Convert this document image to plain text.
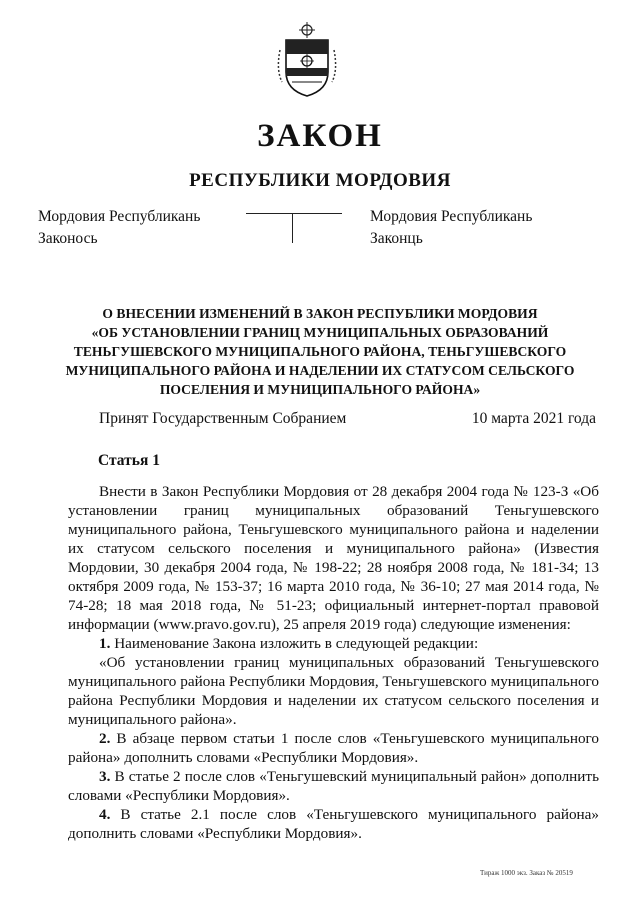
ЗАКОН
РЕСПУБЛИКИ МОРДОВИЯ
Мордовия Республикань
Законось
Мордовия Республикань
Законць
О ВНЕСЕНИИ ИЗМЕНЕНИЙ В ЗАКОН РЕСПУБЛИКИ МОРДОВИЯ
«ОБ УСТАНОВЛЕНИИ ГРАНИЦ МУНИЦИПАЛЬНЫХ ОБРАЗОВАНИЙ
ТЕНЬГУШЕВСКОГО МУНИЦИПАЛЬНОГО РАЙОНА, ТЕНЬГУШЕВСКОГО
МУНИЦИПАЛЬНОГО РАЙОНА И НАДЕЛЕНИИ ИХ СТАТУСОМ СЕЛЬСКОГО
ПОСЕЛЕНИЯ И МУНИЦИПАЛЬНОГО РАЙОНА»
Принят Государственным Собранием	10 марта 2021 года
Статья 1

Внести в Закон Республики Мордовия от 28 декабря 2004 года № 123-З «Об установлении границ муниципальных образований Теньгушевского муниципального района, Теньгушевского муниципального района и наделении их статусом сельского поселения и муниципального района» (Известия Мордовии, 30 декабря 2004 года, № 198-22; 28 ноября 2008 года, № 181-34; 13 октября 2009 года, № 153-37; 16 марта 2010 года, № 36-10; 27 мая 2014 года, № 74-28; 18 мая 2018 года, № 51-23; официальный интернет-портал правовой информации (www.pravo.gov.ru), 25 апреля 2019 года) следующие изменения:

1. Наименование Закона изложить в следующей редакции:

«Об установлении границ муниципальных образований Теньгушевского муниципального района Республики Мордовия, Теньгушевского муниципального района Республики Мордовия и наделении их статусом сельского поселения и муниципального района».

2. В абзаце первом статьи 1 после слов «Теньгушевского муниципального района» дополнить словами «Республики Мордовия».

3. В статье 2 после слов «Теньгушевский муниципальный район» дополнить словами «Республики Мордовия».

4. В статье 2.1 после слов «Теньгушевского муниципального района» дополнить словами «Республики Мордовия».

Тираж 1000 экз. Заказ № 20519
